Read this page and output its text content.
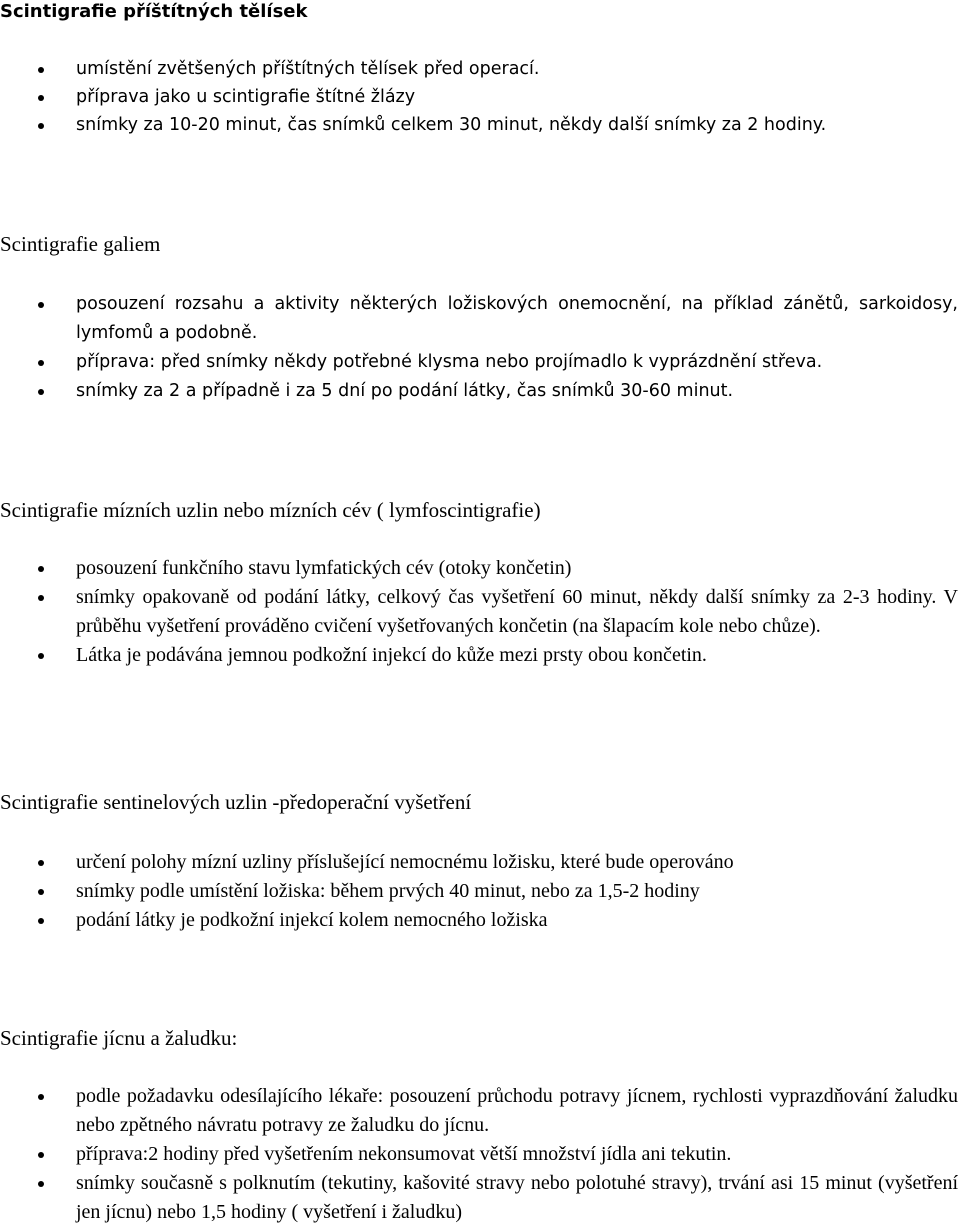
Scintigrafie příštítných tělísek
umístění zvětšených příštítných tělísek před operací.
příprava jako u scintigrafie štítné žlázy
snímky za 10-20 minut, čas snímků celkem 30 minut, někdy další snímky za 2 hodiny.
Scintigrafie galiem
posouzení rozsahu a aktivity některých ložiskových onemocnění, na příklad zánětů, sarkoidosy, lymfomů a podobně.
příprava: před snímky někdy potřebné klysma nebo projímadlo k vyprázdnění střeva.
snímky za 2 a případně i za 5 dní po podání látky, čas snímků 30-60 minut.
Scintigrafie mízních uzlin nebo mízních cév ( lymfoscintigrafie)
posouzení funkčního stavu lymfatických cév (otoky končetin)
snímky opakovaně od podání látky, celkový čas vyšetření 60 minut, někdy další snímky za 2-3 hodiny. V průběhu vyšetření prováděno cvičení vyšetřovaných končetin (na šlapacím kole nebo chůze).
Látka je podávána jemnou podkožní injekcí do kůže mezi prsty obou končetin.
Scintigrafie sentinelových uzlin -předoperační vyšetření
určení polohy mízní uzliny příslušející nemocnému ložisku, které bude operováno
snímky podle umístění ložiska: během prvých 40 minut, nebo za 1,5-2 hodiny
podání látky je podkožní injekcí kolem nemocného ložiska
Scintigrafie jícnu a žaludku:
podle požadavku odesílajícího lékaře: posouzení průchodu potravy jícnem, rychlosti vyprazdňování žaludku nebo zpětného návratu potravy ze žaludku do jícnu.
příprava:2 hodiny před vyšetřením nekonsumovat větší množství jídla ani tekutin.
snímky současně s polknutím (tekutiny, kašovité stravy nebo polotuhé stravy), trvání asi 15 minut (vyšetření jen jícnu) nebo 1,5 hodiny ( vyšetření i žaludku)
